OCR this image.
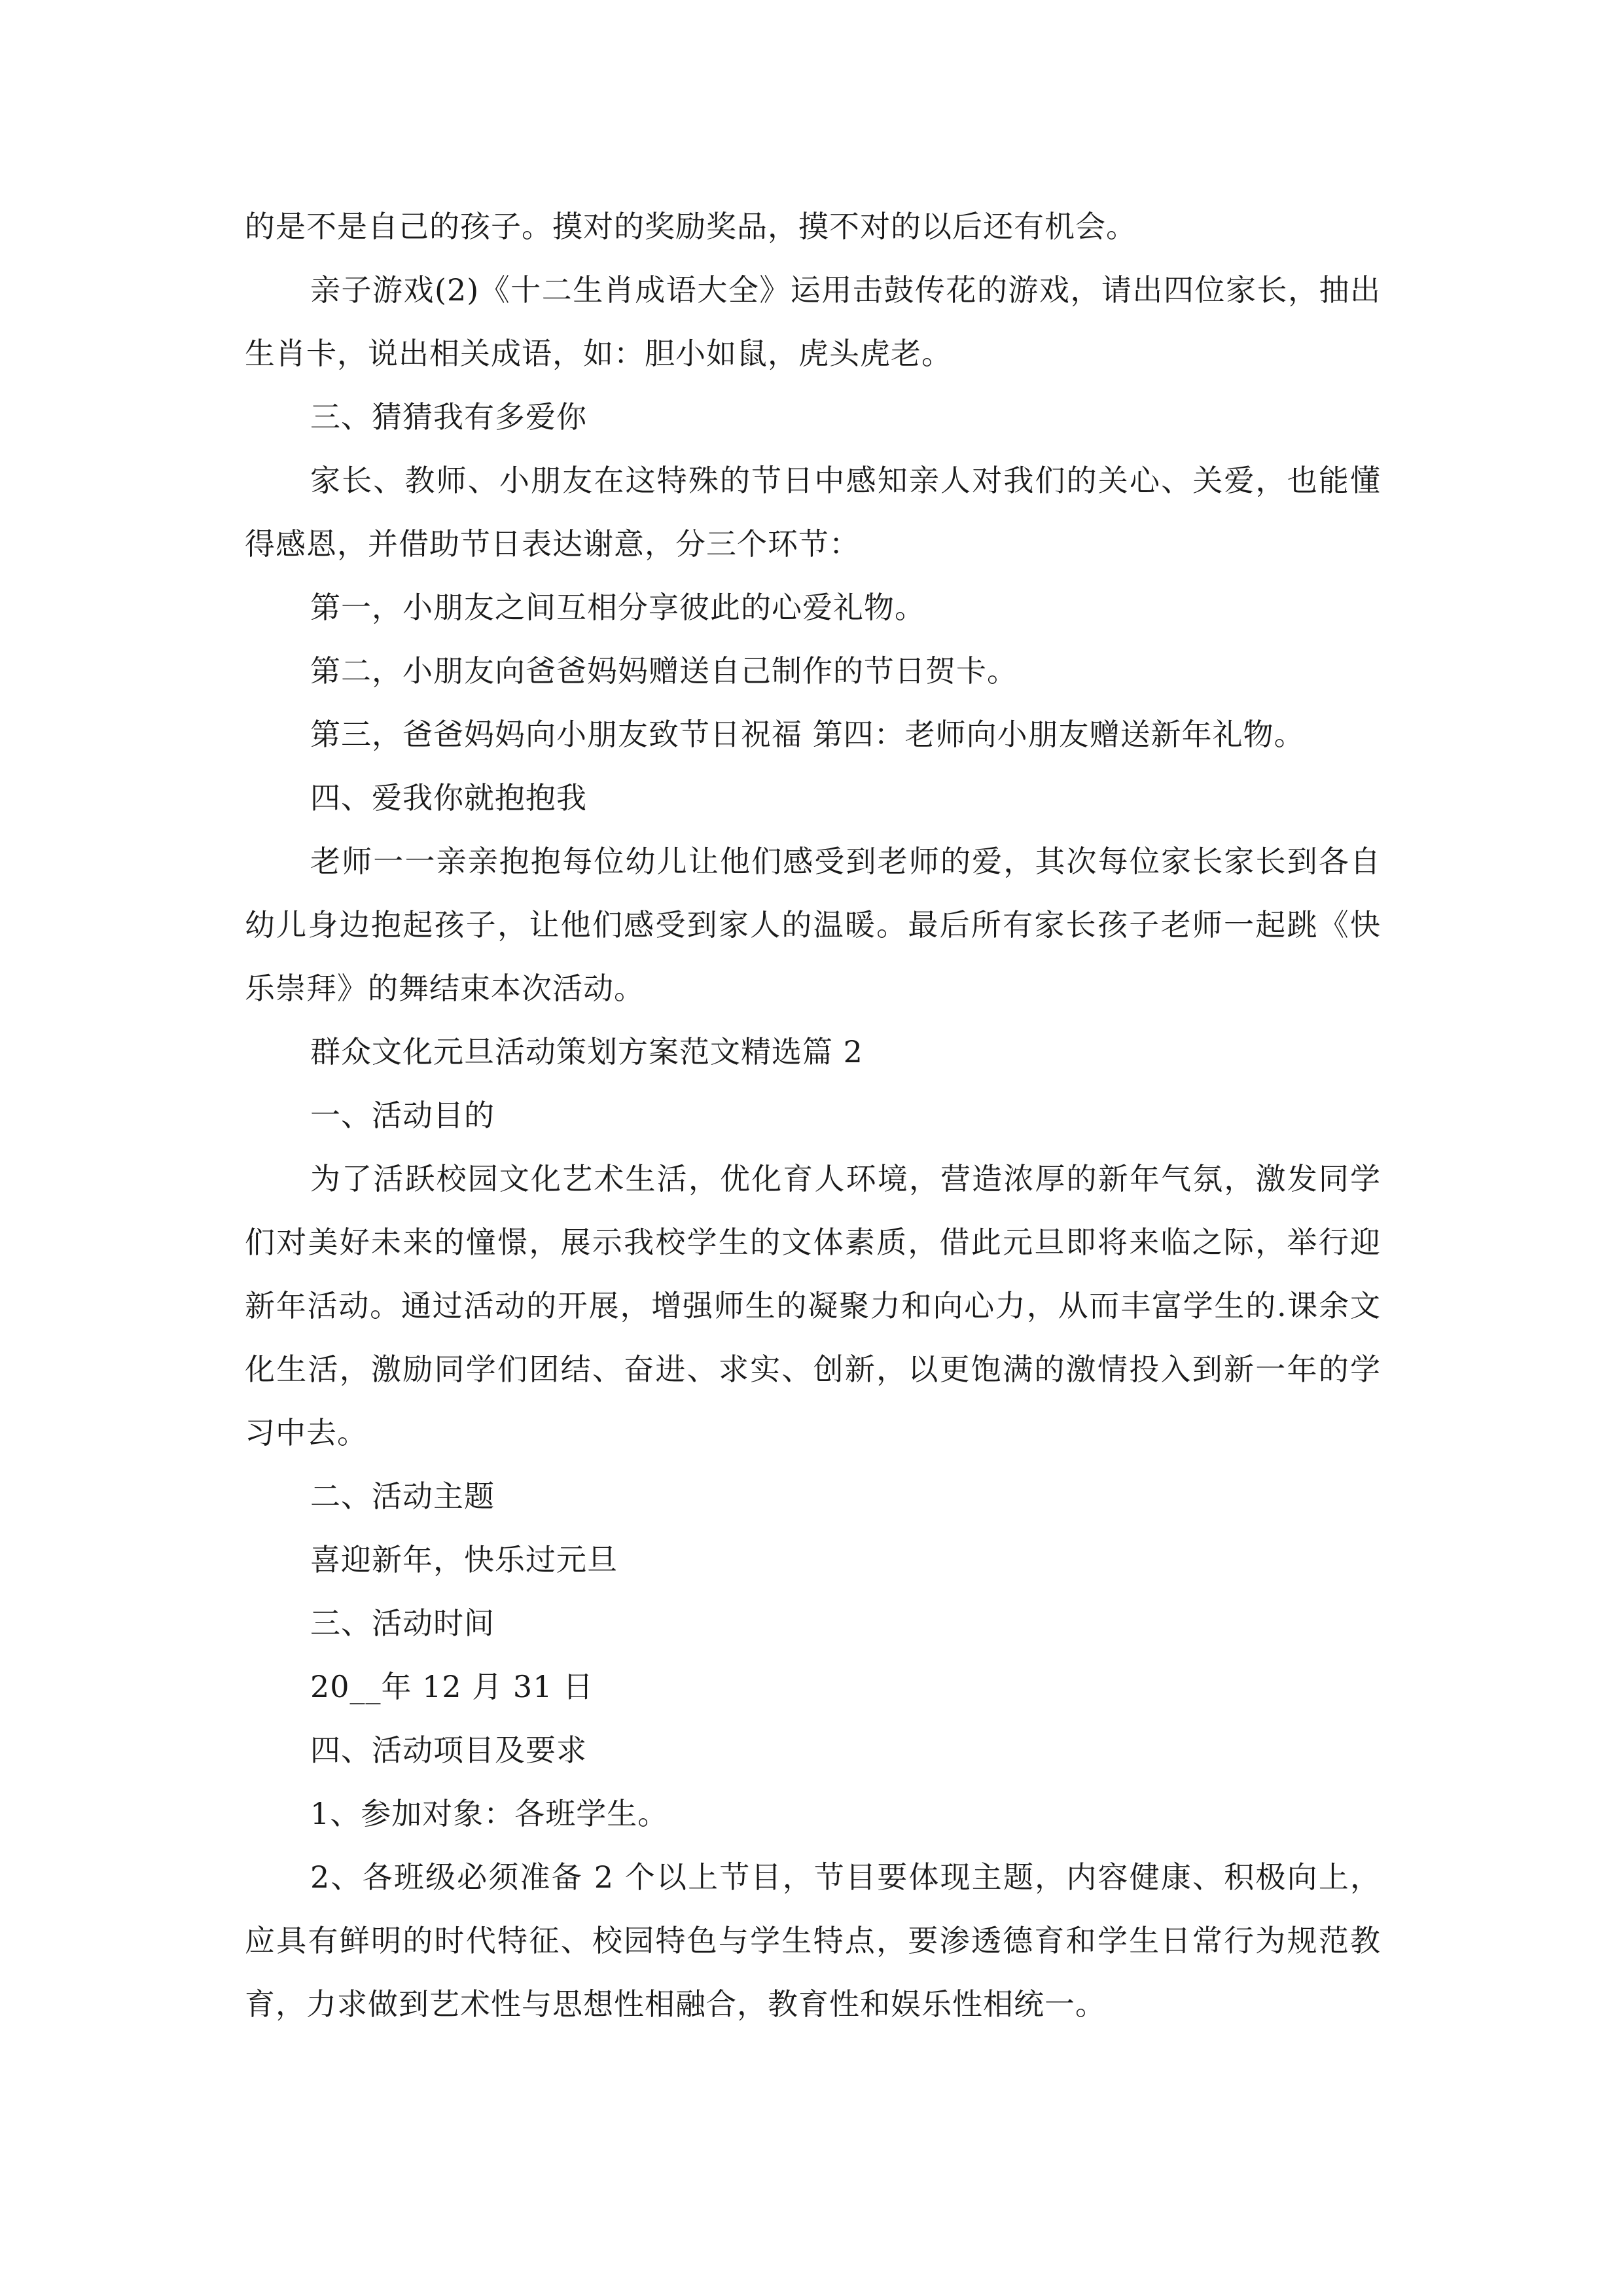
的是不是自己的孩子。摸对的奖励奖品，摸不对的以后还有机会。

亲子游戏(2)《十二生肖成语大全》运用击鼓传花的游戏，请出四位家长，抽出生肖卡，说出相关成语，如：胆小如鼠，虎头虎老。

三、猜猜我有多爱你

家长、教师、小朋友在这特殊的节日中感知亲人对我们的关心、关爱，也能懂得感恩，并借助节日表达谢意，分三个环节：

第一，小朋友之间互相分享彼此的心爱礼物。

第二，小朋友向爸爸妈妈赠送自己制作的节日贺卡。

第三，爸爸妈妈向小朋友致节日祝福 第四：老师向小朋友赠送新年礼物。

四、爱我你就抱抱我

老师一一亲亲抱抱每位幼儿让他们感受到老师的爱，其次每位家长家长到各自幼儿身边抱起孩子，让他们感受到家人的温暖。最后所有家长孩子老师一起跳《快乐崇拜》的舞结束本次活动。

群众文化元旦活动策划方案范文精选篇 2

一、活动目的

为了活跃校园文化艺术生活，优化育人环境，营造浓厚的新年气氛，激发同学们对美好未来的憧憬，展示我校学生的文体素质，借此元旦即将来临之际，举行迎新年活动。通过活动的开展，增强师生的凝聚力和向心力，从而丰富学生的.课余文化生活，激励同学们团结、奋进、求实、创新，以更饱满的激情投入到新一年的学习中去。

二、活动主题

喜迎新年，快乐过元旦

三、活动时间

20__年 12 月 31 日

四、活动项目及要求

1、参加对象：各班学生。

2、各班级必须准备 2 个以上节目，节目要体现主题，内容健康、积极向上，应具有鲜明的时代特征、校园特色与学生特点，要渗透德育和学生日常行为规范教育，力求做到艺术性与思想性相融合，教育性和娱乐性相统一。
